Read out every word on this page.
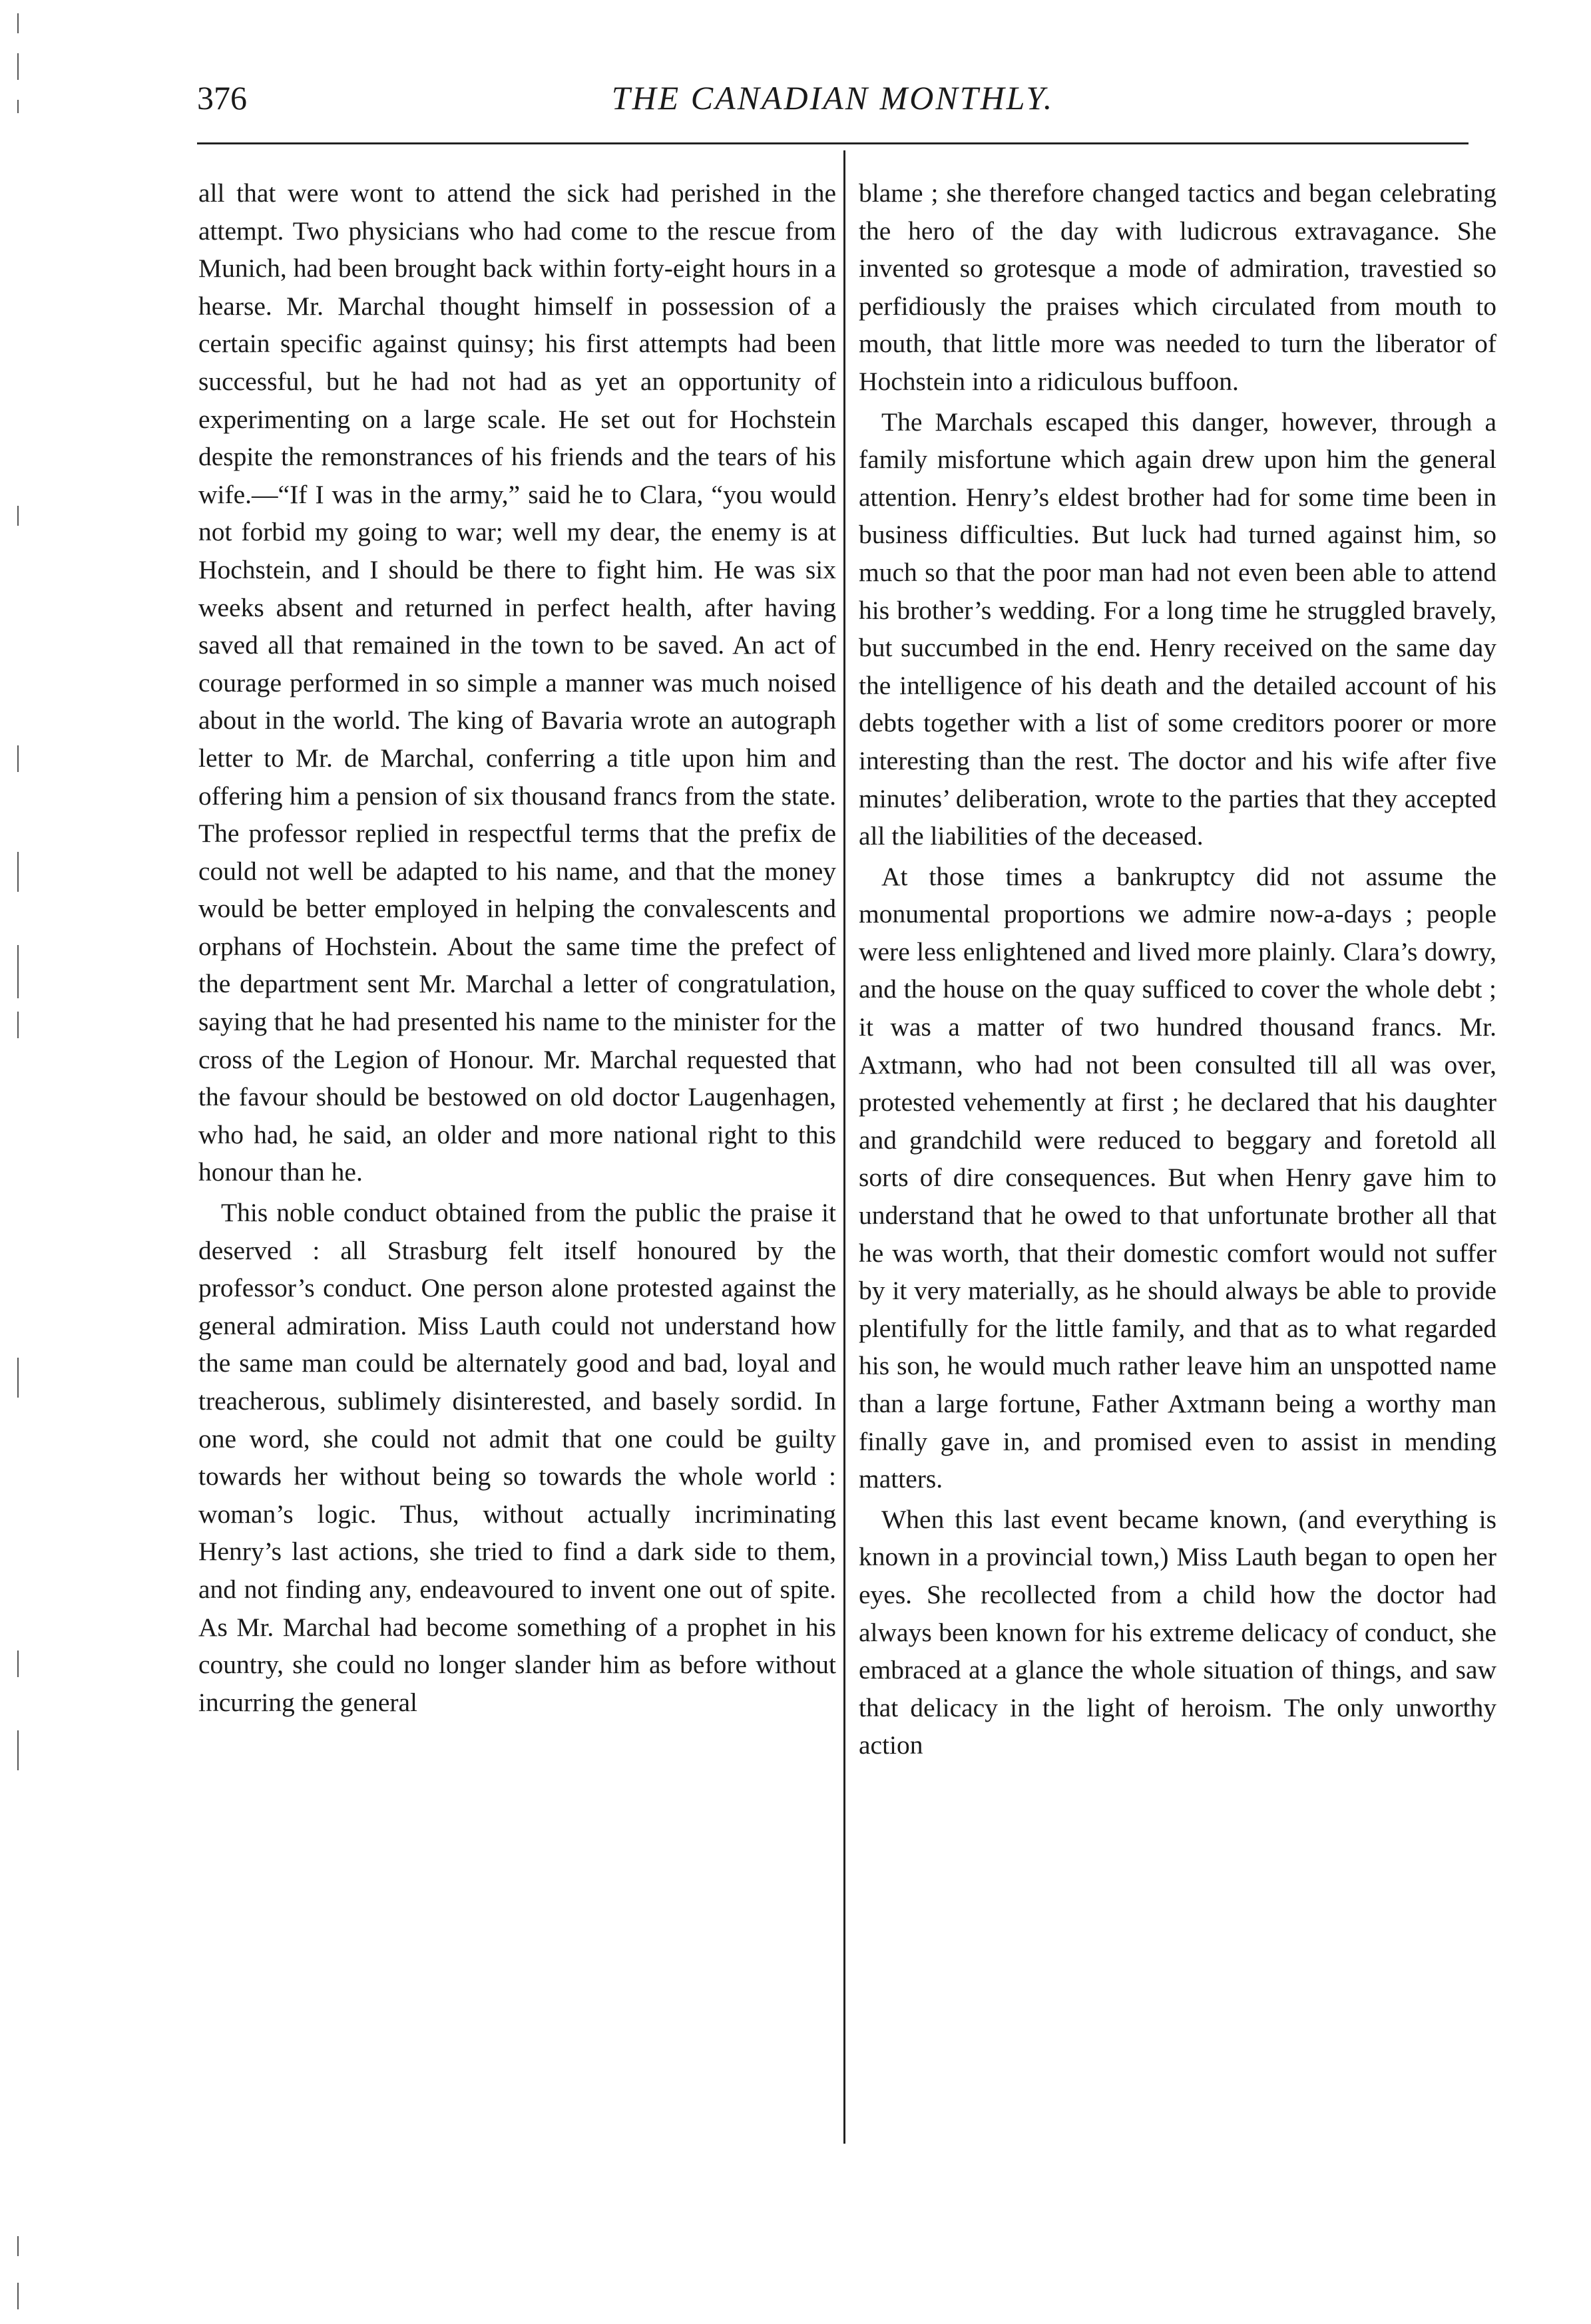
376	THE CANADIAN MONTHLY.

all that were wont to attend the sick had perished in the attempt. Two physicians who had come to the rescue from Munich, had been brought back within forty-eight hours in a hearse. Mr. Marchal thought himself in possession of a certain specific against quinsy; his first attempts had been successful, but he had not had as yet an opportunity of experimenting on a large scale. He set out for Hochstein despite the remonstrances of his friends and the tears of his wife.—“If I was in the army,” said he to Clara, “you would not forbid my going to war; well my dear, the enemy is at Hochstein, and I should be there to fight him. He was six weeks absent and returned in perfect health, after having saved all that remained in the town to be saved. An act of courage performed in so simple a manner was much noised about in the world. The king of Bavaria wrote an autograph letter to Mr. de Marchal, conferring a title upon him and offering him a pension of six thousand francs from the state. The professor replied in respectful terms that the prefix de could not well be adapted to his name, and that the money would be better employed in helping the convalescents and orphans of Hochstein. About the same time the prefect of the department sent Mr. Marchal a letter of congratulation, saying that he had presented his name to the minister for the cross of the Legion of Honour. Mr. Marchal requested that the favour should be bestowed on old doctor Laugenhagen, who had, he said, an older and more national right to this honour than he.

This noble conduct obtained from the public the praise it deserved : all Strasburg felt itself honoured by the professor’s conduct. One person alone protested against the general admiration. Miss Lauth could not understand how the same man could be alternately good and bad, loyal and treacherous, sublimely disinterested, and basely sordid. In one word, she could not admit that one could be guilty towards her without being so towards the whole world : woman’s logic. Thus, without actually incriminating Henry’s last actions, she tried to find a dark side to them, and not finding any, endeavoured to invent one out of spite. As Mr. Marchal had become something of a prophet in his country, she could no longer slander him as before without incurring the general

blame ; she therefore changed tactics and began celebrating the hero of the day with ludicrous extravagance. She invented so grotesque a mode of admiration, travestied so perfidiously the praises which circulated from mouth to mouth, that little more was needed to turn the liberator of Hochstein into a ridiculous buffoon.

The Marchals escaped this danger, however, through a family misfortune which again drew upon him the general attention. Henry’s eldest brother had for some time been in business difficulties. But luck had turned against him, so much so that the poor man had not even been able to attend his brother’s wedding. For a long time he struggled bravely, but succumbed in the end. Henry received on the same day the intelligence of his death and the detailed account of his debts together with a list of some creditors poorer or more interesting than the rest. The doctor and his wife after five minutes’ deliberation, wrote to the parties that they accepted all the liabilities of the deceased.

At those times a bankruptcy did not assume the monumental proportions we admire now-a-days ; people were less enlightened and lived more plainly. Clara’s dowry, and the house on the quay sufficed to cover the whole debt ; it was a matter of two hundred thousand francs. Mr. Axtmann, who had not been consulted till all was over, protested vehemently at first ; he declared that his daughter and grandchild were reduced to beggary and foretold all sorts of dire consequences. But when Henry gave him to understand that he owed to that unfortunate brother all that he was worth, that their domestic comfort would not suffer by it very materially, as he should always be able to provide plentifully for the little family, and that as to what regarded his son, he would much rather leave him an unspotted name than a large fortune, Father Axtmann being a worthy man finally gave in, and promised even to assist in mending matters.

When this last event became known, (and everything is known in a provincial town,) Miss Lauth began to open her eyes. She recollected from a child how the doctor had always been known for his extreme delicacy of conduct, she embraced at a glance the whole situation of things, and saw that delicacy in the light of heroism. The only unworthy action
